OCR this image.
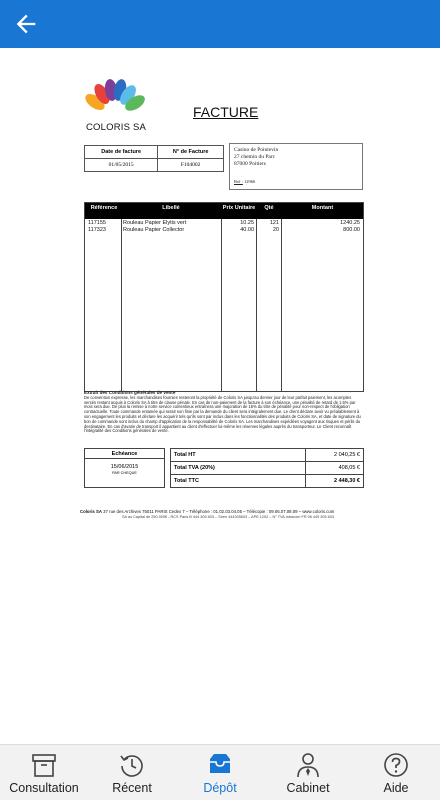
COLORIS SA
FACTURE
Date de facture	N° de Facture
01/05/2015	F104002
Casino de Pointevin
27 chemin du Parc
87000 Poitiers
Ref : 12966
Référence	Libellé	Prix Unitaire	Qté	Montant
117155	Rouleau Papier Elytis vert	10.25	121	1240.25
117323	Rouleau Papier Collector	40.00	20	800.00
Extrait des Conditions générales de vente
De convention expresse, les marchandises fournies resteront la propriété de Coloris SA jusqu'au dernier jour de leur parfait paiement, les acomptes versés restant acquis à Coloris SA à titre de clause pénale. En cas de non-paiement de la facture à son échéance, une pénalité de retard de 1.5% par mois sera due. De plus la remise à notre service contentieux entraînera une majoration de 15% du titre de pénalité pour non-respect de l'obligation contractuelle. Toute commande entamée qui serait non finie par la demande du client sera intégralement due. Le client déclare avoir vu préalablement à son engagement les produits et déclare les acquérir tels qu'ils sont par inclus dans les fonctionnalités des produits de Coloris SA, et date de signature du bon de commande sont inclus du champ d'application de la responsabilité de Coloris SA. Les marchandises expédiées voyagent aux risques et périls du destinataire. En cas d'avarie de transport il appartient au client d'effectuer lui-même les réserves légales auprès du transporteur. Le Client reconnaît l'intégralité des Conditions générales de vente.
Echéance
15/06/2015
PAR CHEQUE
Total HT	2 040,25 €
Total TVA (20%)	408,05 €
Total TTC	2 448,30 €
Coloris SA 37 rue des Archives 75011 PARIS Cedex 7 – Téléphone : 01.02.03.04.05 – Télécopie : 09.06.07.08.09 – www.coloris.com
SA au Capital de 250.000€ - RCS Paris B 444 305 603 – Siren 444305603 – APE 1252 – N° TVA Intracom FR 06 445 305 603
Consultation	Récent	Dépôt	Cabinet	Aide
